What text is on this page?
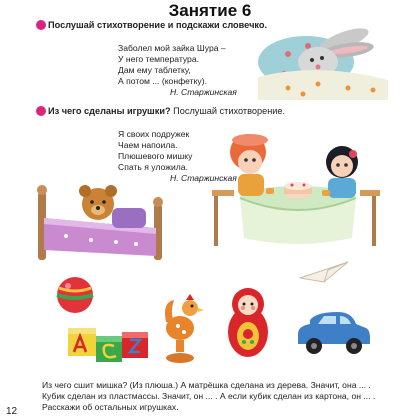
Занятие 6
Послушай стихотворение и подскажи словечко.
Заболел мой зайка Шура –
У него температура.
Дам ему таблетку,
А потом ... (конфетку).
Н. Старжинская
Из чего сделаны игрушки? Послушай стихотворение.
Я своих подружек
Чаем напоила.
Плюшевого мишку
Спать я уложила.
Н. Старжинская
Из чего сшит мишка? (Из плюша.) А матрёшка сделана из дерева. Значит, она ... .
Кубик сделан из пластмассы. Значит, он ... . А если кубик сделан из картона, он ... .
Расскажи об остальных игрушках.
12
